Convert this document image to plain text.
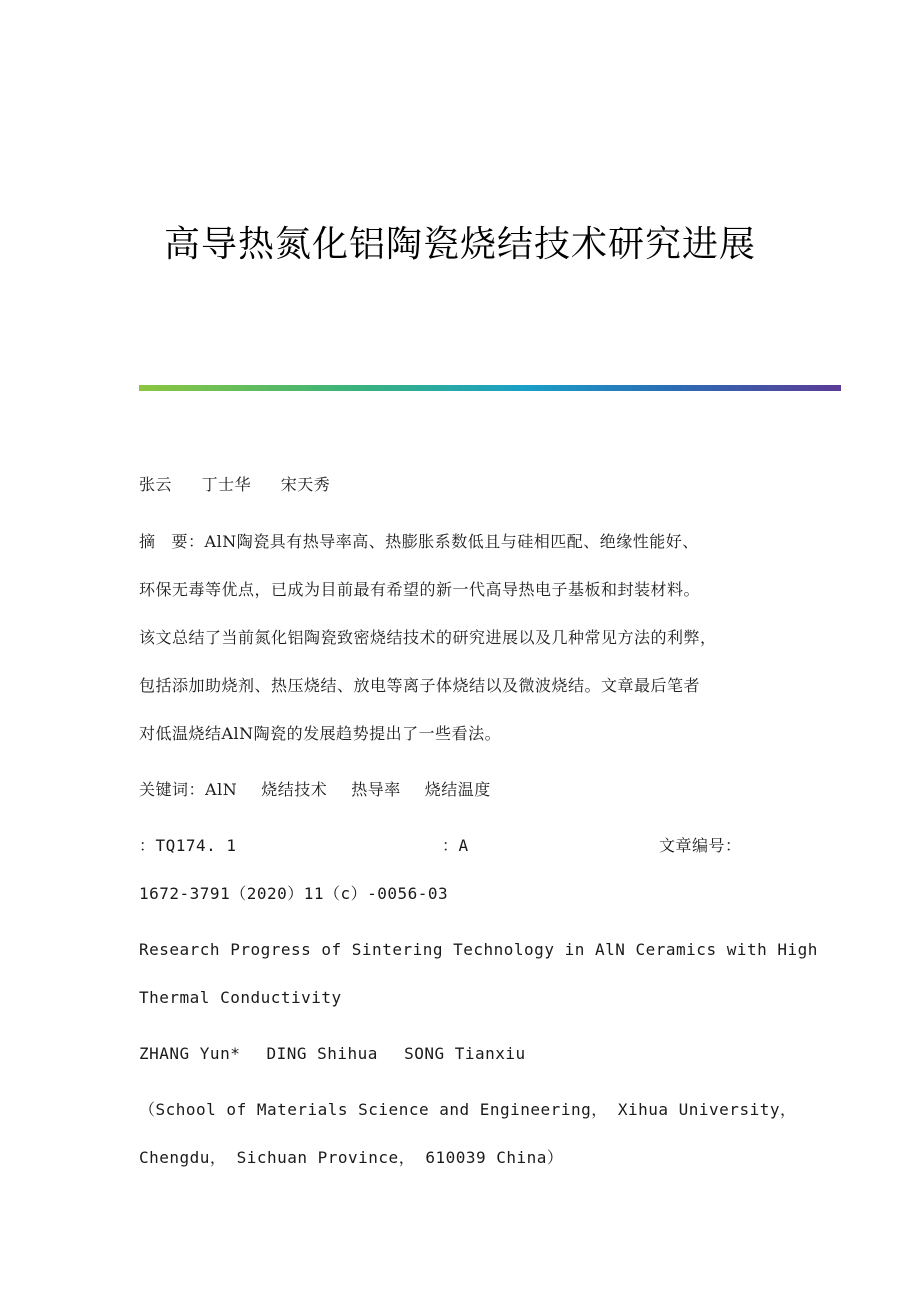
高导热氮化铝陶瓷烧结技术研究进展
张云 丁士华 宋天秀
摘 要：AlN陶瓷具有热导率高、热膨胀系数低且与硅相匹配、绝缘性能好、
环保无毒等优点，已成为目前最有希望的新一代高导热电子基板和封装材料。
该文总结了当前氮化铝陶瓷致密烧结技术的研究进展以及几种常见方法的利弊，
包括添加助烧剂、热压烧结、放电等离子体烧结以及微波烧结。文章最后笔者
对低温烧结AlN陶瓷的发展趋势提出了一些看法。
关键词：AlN 烧结技术 热导率 烧结温度
：TQ174. 1	：A	文章编号：
1672-3791（2020）11（c）-0056-03
Research Progress of Sintering Technology in AlN Ceramics with High
Thermal Conductivity
ZHANG Yun* DING Shihua SONG Tianxiu
（School of Materials Science and Engineering， Xihua University，
Chengdu， Sichuan Province， 610039 China）
